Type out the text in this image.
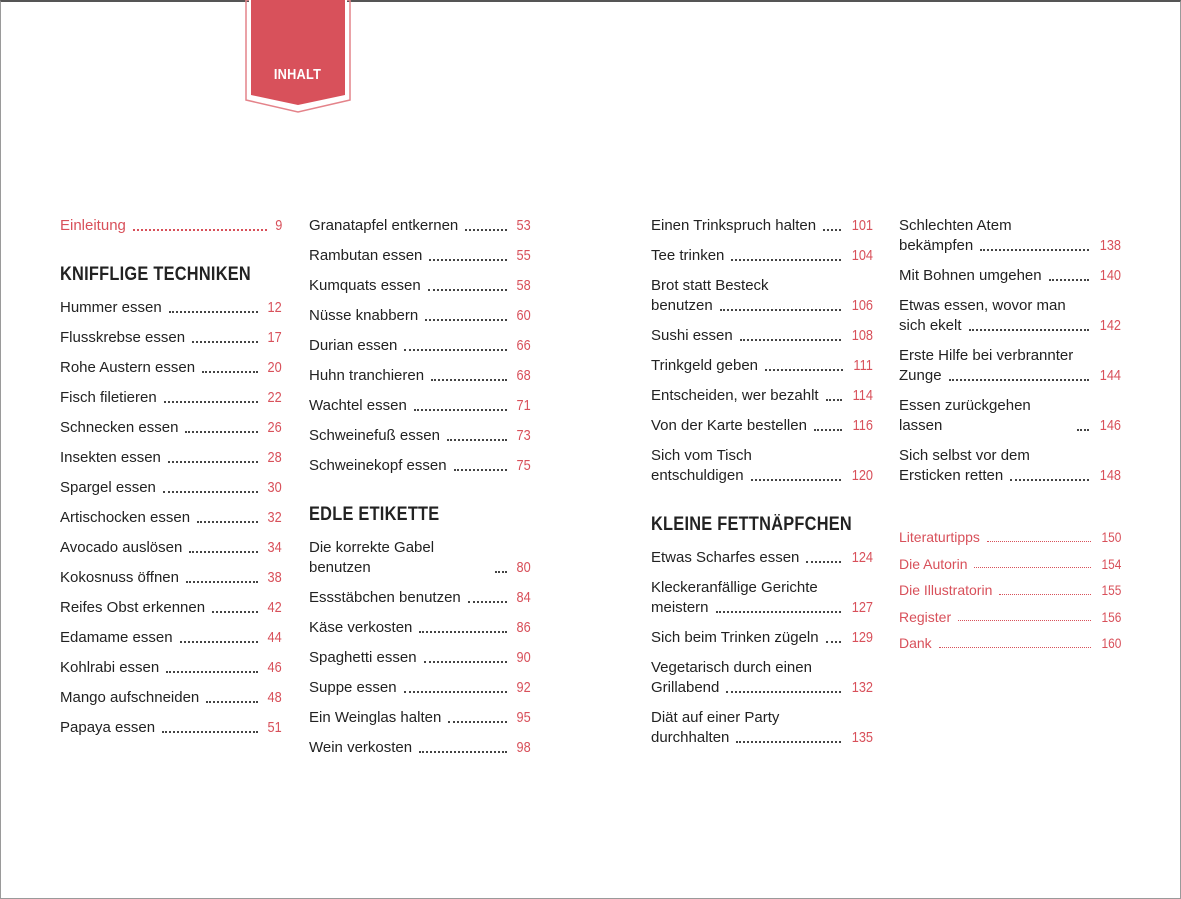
INHALT
Einleitung	9
KNIFFLIGE TECHNIKEN
Hummer essen	12
Flusskrebse essen	17
Rohe Austern essen	20
Fisch filetieren	22
Schnecken essen	26
Insekten essen	28
Spargel essen	30
Artischocken essen	32
Avocado auslösen	34
Kokosnuss öffnen	38
Reifes Obst erkennen	42
Edamame essen	44
Kohlrabi essen	46
Mango aufschneiden	48
Papaya essen	51
Granatapfel entkernen	53
Rambutan essen	55
Kumquats essen	58
Nüsse knabbern	60
Durian essen	66
Huhn tranchieren	68
Wachtel essen	71
Schweinefuß essen	73
Schweinekopf essen	75
EDLE ETIKETTE
Die korrekte Gabel benutzen	80
Essstäbchen benutzen	84
Käse verkosten	86
Spaghetti essen	90
Suppe essen	92
Ein Weinglas halten	95
Wein verkosten	98
Einen Trinkspruch halten 101
Tee trinken	104
Brot statt Besteck
benutzen	106
Sushi essen	108
Trinkgeld geben	111
Entscheiden, wer bezahlt 114
Von der Karte bestellen	116
Sich vom Tisch
entschuldigen	120
KLEINE FETTNÄPFCHEN
Etwas Scharfes essen	124
Kleckeranfällige Gerichte
meistern	127
Sich beim Trinken zügeln 129
Vegetarisch durch einen
Grillabend	132
Diät auf einer Party
durchhalten	135
Schlechten Atem
bekämpfen	138
Mit Bohnen umgehen	140
Etwas essen, wovor man
sich ekelt	142
Erste Hilfe bei verbrannter
Zunge	144
Essen zurückgehen lassen	146
Sich selbst vor dem
Ersticken retten	148
Literaturtipps	150
Die Autorin	154
Die Illustratorin	155
Register	156
Dank	160
